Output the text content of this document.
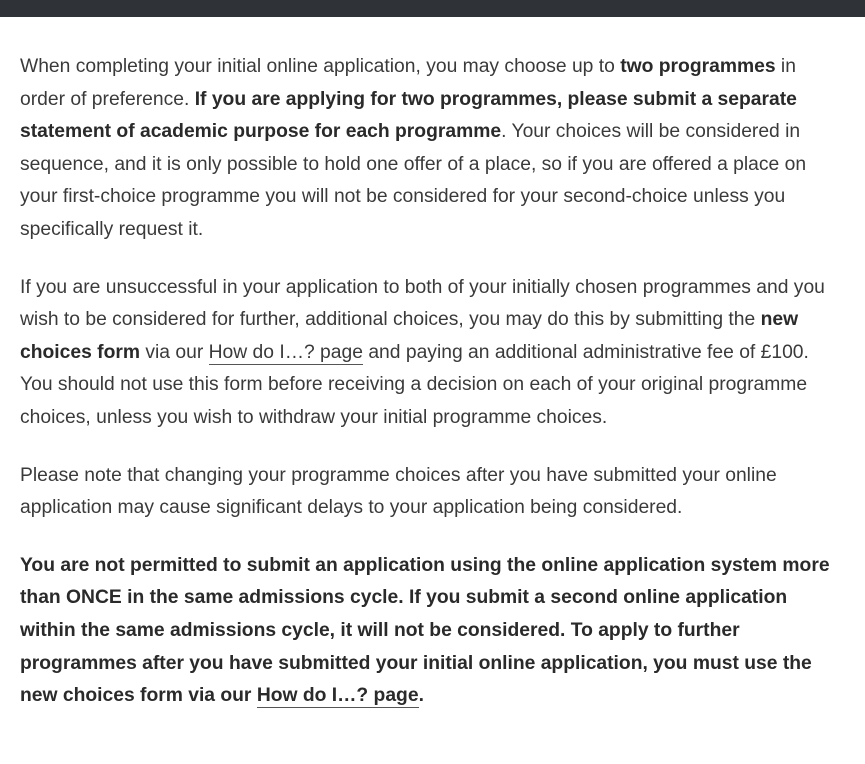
When completing your initial online application, you may choose up to two programmes in order of preference. If you are applying for two programmes, please submit a separate statement of academic purpose for each programme. Your choices will be considered in sequence, and it is only possible to hold one offer of a place, so if you are offered a place on your first-choice programme you will not be considered for your second-choice unless you specifically request it.

If you are unsuccessful in your application to both of your initially chosen programmes and you wish to be considered for further, additional choices, you may do this by submitting the new choices form via our How do I…? page and paying an additional administrative fee of £100. You should not use this form before receiving a decision on each of your original programme choices, unless you wish to withdraw your initial programme choices.

Please note that changing your programme choices after you have submitted your online application may cause significant delays to your application being considered.

You are not permitted to submit an application using the online application system more than ONCE in the same admissions cycle. If you submit a second online application within the same admissions cycle, it will not be considered. To apply to further programmes after you have submitted your initial online application, you must use the new choices form via our How do I…? page.
